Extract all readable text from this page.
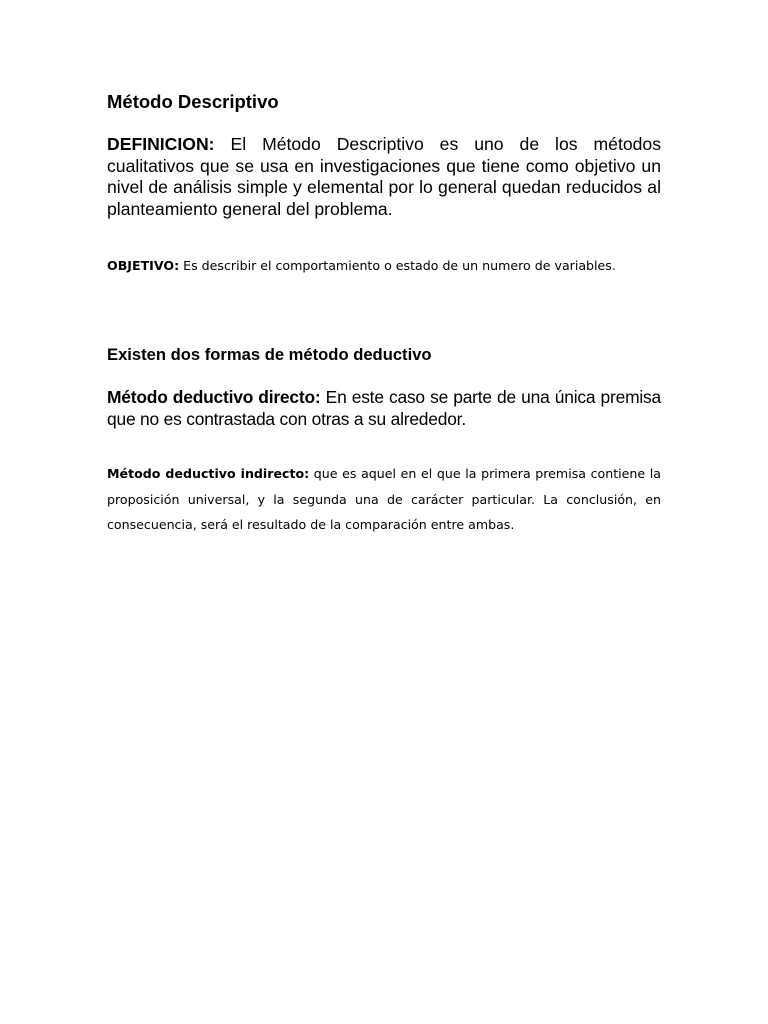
Método Descriptivo

DEFINICION: El Método Descriptivo es uno de los métodos cualitativos que se usa en investigaciones que tiene como objetivo un nivel de análisis simple y elemental por lo general quedan reducidos al planteamiento general del problema.

OBJETIVO: Es describir el comportamiento o estado de un numero de variables.

Existen dos formas de método deductivo

Método deductivo directo: En este caso se parte de una única premisa que no es contrastada con otras a su alrededor.

Método deductivo indirecto: que es aquel en el que la primera premisa contiene la proposición universal, y la segunda una de carácter particular. La conclusión, en consecuencia, será el resultado de la comparación entre ambas.
